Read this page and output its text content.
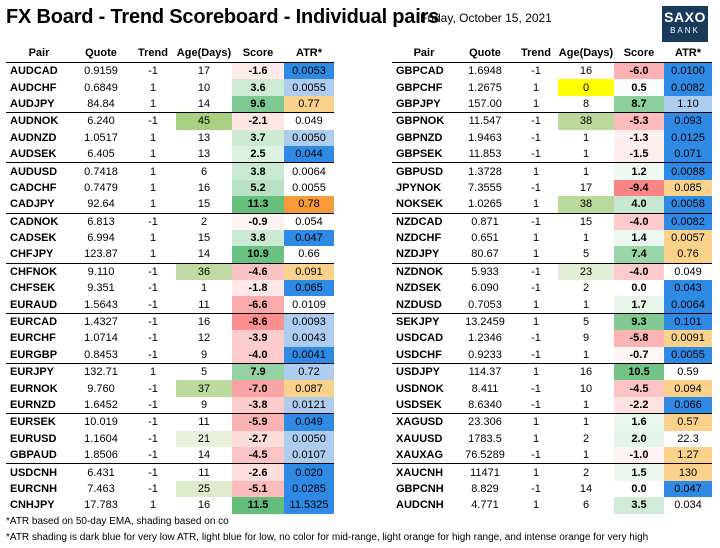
FX Board - Trend Scoreboard - Individual pairs
Friday, October 15, 2021	SAXO
BANK
Pair	Quote	Trend	Age(Days)	Score	ATR*
AUDCAD	0.9159	-1	17	-1.6	0.0053
AUDCHF	0.6849	1	10	3.6	0.0055
AUDJPY	84.84	1	14	9.6	0.77
AUDNOK	6.240	-1	45	-2.1	0.049
AUDNZD	1.0517	1	13	3.7	0.0050
AUDSEK	6.405	1	13	2.5	0.044
AUDUSD	0.7418	1	6	3.8	0.0064
CADCHF	0.7479	1	16	5.2	0.0055
CADJPY	92.64	1	15	11.3	0.78
CADNOK	6.813	-1	2	-0.9	0.054
CADSEK	6.994	1	15	3.8	0.047
CHFJPY	123.87	1	14	10.9	0.66
CHFNOK	9.110	-1	36	-4.6	0.091
CHFSEK	9.351	-1	1	-1.8	0.065
EURAUD	1.5643	-1	11	-6.6	0.0109
EURCAD	1.4327	-1	16	-8.6	0.0093
EURCHF	1.0714	-1	12	-3.9	0.0043
EURGBP	0.8453	-1	9	-4.0	0.0041
EURJPY	132.71	1	5	7.9	0.72
EURNOK	9.760	-1	37	-7.0	0.087
EURNZD	1.6452	-1	9	-3.8	0.0121
EURSEK	10.019	-1	11	-5.9	0.049
EURUSD	1.1604	-1	21	-2.7	0.0050
GBPAUD	1.8506	-1	14	-4.5	0.0107
USDCNH	6.431	-1	11	-2.6	0.020
EURCNH	7.463	-1	25	-5.1	0.0285
CNHJPY	17.783	1	16	11.5	11.5325
Pair	Quote	Trend	Age(Days)	Score	ATR*
GBPCAD	1.6948	-1	16	-6.0	0.0100
GBPCHF	1.2675	1	0	0.5	0.0082
GBPJPY	157.00	1	8	8.7	1.10
GBPNOK	11.547	-1	38	-5.3	0.093
GBPNZD	1.9463	-1	1	-1.3	0.0125
GBPSEK	11.853	-1	1	-1.5	0.071
GBPUSD	1.3728	1	1	1.2	0.0088
JPYNOK	7.3555	-1	17	-9.4	0.085
NOKSEK	1.0265	1	38	4.0	0.0058
NZDCAD	0.871	-1	15	-4.0	0.0082
NZDCHF	0.651	1	1	1.4	0.0057
NZDJPY	80.67	1	5	7.4	0.76
NZDNOK	5.933	-1	23	-4.0	0.049
NZDSEK	6.090	-1	2	0.0	0.043
NZDUSD	0.7053	1	1	1.7	0.0064
SEKJPY	13.2459	1	5	9.3	0.101
USDCAD	1.2346	-1	9	-5.8	0.0091
USDCHF	0.9233	-1	1	-0.7	0.0055
USDJPY	114.37	1	16	10.5	0.59
USDNOK	8.411	-1	10	-4.5	0.094
USDSEK	8.6340	-1	1	-2.2	0.066
XAGUSD	23.306	1	1	1.6	0.57
XAUUSD	1783.5	1	2	2.0	22.3
XAUXAG	76.5289	-1	1	-1.0	1.27
XAUCNH	11471	1	2	1.5	130
GBPCNH	8.829	-1	14	0.0	0.047
AUDCNH	4.771	1	6	3.5	0.034
*ATR based on 50-day EMA, shading based on co
*ATR shading is dark blue for very low ATR, light blue for low, no color for mid-range, light orange for high range, and intense orange for very high
